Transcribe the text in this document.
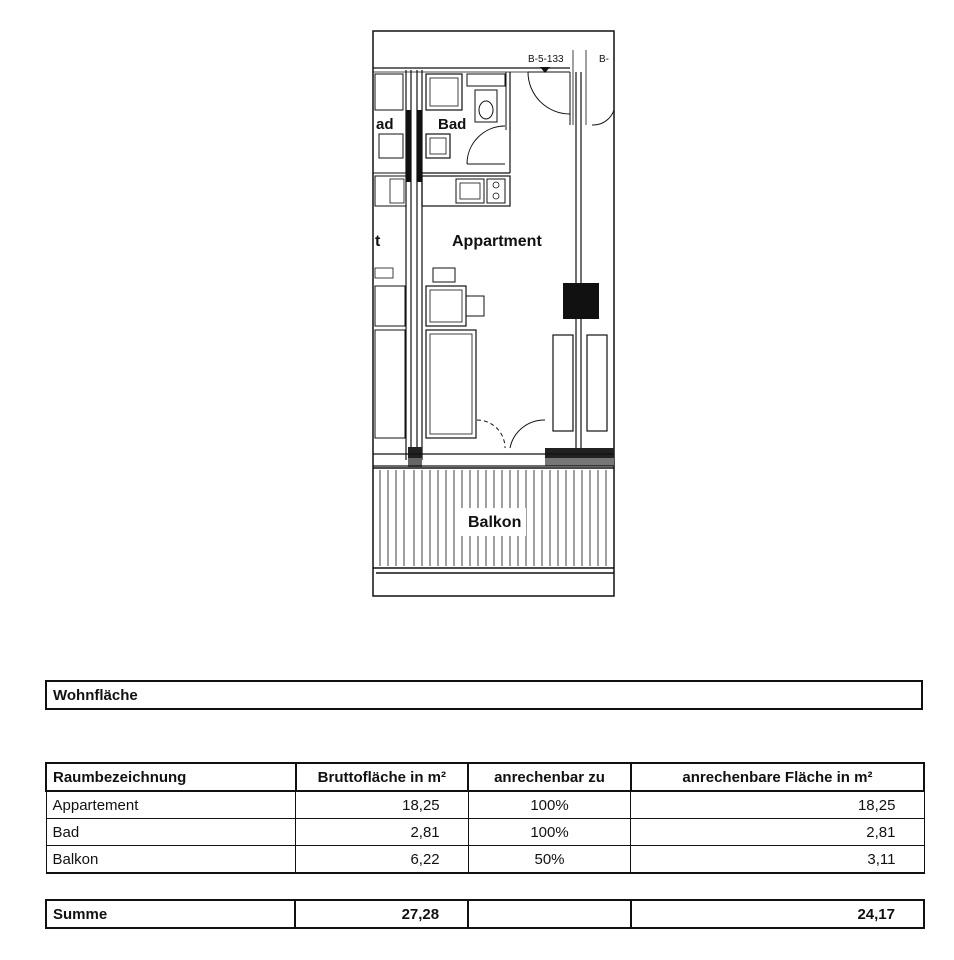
B-5-133	B-
Bad
ad
Appartment
t
Balkon
Wohnfläche
Raumbezeichnung	Bruttofläche in m²	anrechenbar zu	anrechenbare Fläche in m²
Appartement	18,25	100%	18,25
Bad	2,81	100%	2,81
Balkon	6,22	50%	3,11
Summe	27,28		24,17
